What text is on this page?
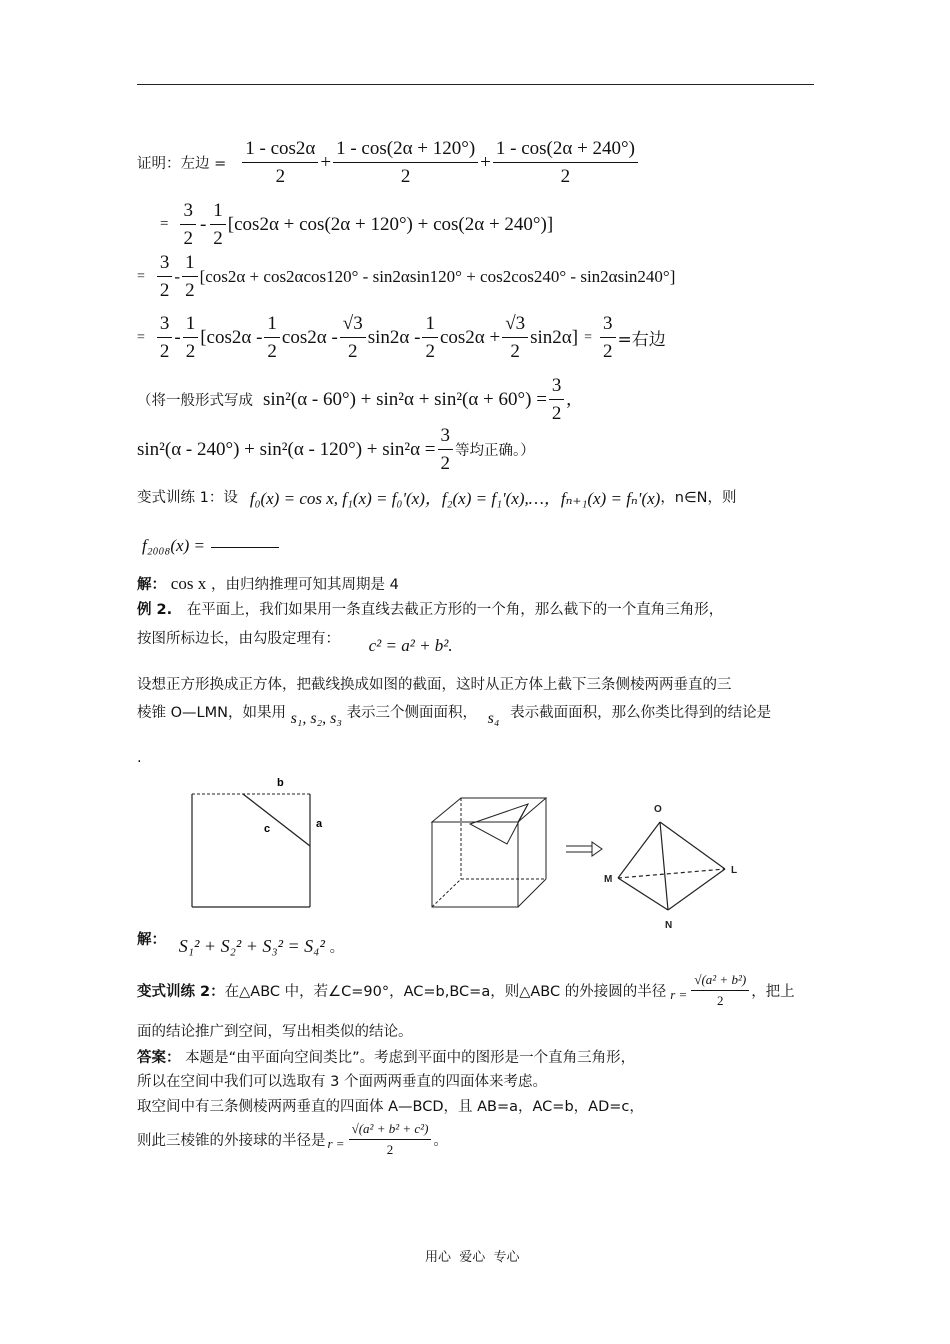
证明：左边 = $\frac{1 - \cos 2\alpha}{2} + \frac{1 - \cos(2\alpha + 120^\circ)}{2} + \frac{1 - \cos(2\alpha + 240^\circ)}{2}$
= $\frac{3}{2} - \frac{1}{2} [\cos 2\alpha + \cos(2\alpha + 120^\circ) + \cos(2\alpha + 240^\circ)]$
= $\frac{3}{2} - \frac{1}{2} [\cos 2\alpha + \cos 2\alpha\cos 120^\circ - \sin 2\alpha\sin 120^\circ + \cos 2\cos 240^\circ - \sin 2\alpha\sin 240^\circ]$
= $\frac{3}{2} - \frac{1}{2} [\cos 2\alpha - \frac{1}{2} \cos 2\alpha - \frac{√3}{2} \sin 2\alpha - \frac{1}{2} \cos 2\alpha + \frac{√3}{2} \sin 2\alpha] = \frac{3}{2}$ =右边
（将一般形式写成 $\sin^2(\alpha - 60^\circ) + \sin^2\alpha + \sin^2(\alpha + 60^\circ) = \frac{3}{2}$ ,
$\sin^2(\alpha - 240^\circ) + \sin^2(\alpha - 120^\circ) + \sin^2\alpha = \frac{3}{2}$ 等均正确。）
变式训练 1：设 f₀(x) = cos x, f₁(x) = f₀'(x)，f₂(x) = f₁'(x),…，fₙ₊₁(x) = fₙ'(x) ，n∈N，则
f₂₀₀₈(x) =
解： cos x ，由归纳推理可知其周期是 4
例 2. 在平面上，我们如果用一条直线去截正方形的一个角，那么截下的一个直角三角形，
按图所标边长，由勾股定理有： c² = a² + b².
设想正方形换成正方体，把截线换成如图的截面，这时从正方体上截下三条侧棱两两垂直的三
棱锥 O—LMN，如果用 s₁, s₂, s₃ 表示三个侧面面积， s₄ 表示截面面积，那么你类比得到的结论是
.
b
a
c
O
L
M
N
解： S₁² + S₂² + S₃² = S₄² 。
变式训练 2： 在△ABC 中，若∠C=90°，AC=b,BC=a，则△ABC 的外接圆的半径 $r = \frac{\text{√(a² + b²)}}{2}$ ，把上
面的结论推广到空间，写出相类似的结论。
答案： 本题是“由平面向空间类比”。考虑到平面中的图形是一个直角三角形，
所以在空间中我们可以选取有 3 个面两两垂直的四面体来考虑。
取空间中有三条侧棱两两垂直的四面体 A—BCD，且 AB=a，AC=b，AD=c，
则此三棱锥的外接球的半径是 $r = \frac{\text{√(a² + b² + c²)}}{2}$ 。
用心  爱心  专心
